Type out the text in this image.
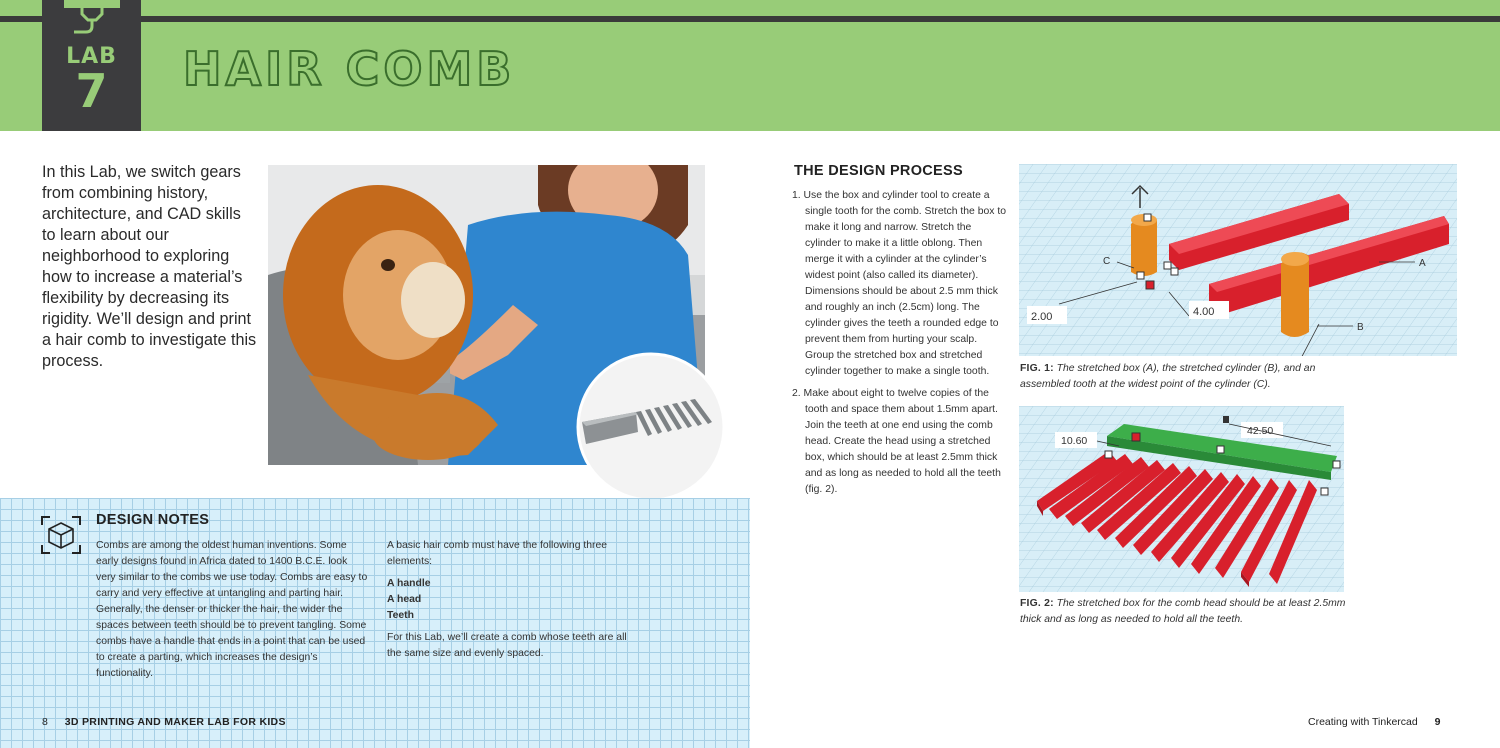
LAB
7	HAIR COMB

In this Lab, we switch gears from combining history, architecture, and CAD skills to learn about our neighborhood to exploring how to increase a material’s flexibility by decreasing its rigidity. We’ll design and print a hair comb to investigate this process.

DESIGN NOTES

Combs are among the oldest human inventions. Some early designs found in Africa dated to 1400 B.C.E. look very similar to the combs we use today. Combs are easy to carry and very effective at untangling and parting hair. Generally, the denser or thicker the hair, the wider the spaces between teeth should be to prevent tangling. Some combs have a handle that ends in a point that can be used to create a parting, which increases the design’s functionality.

A basic hair comb must have the following three elements:

A handle
A head
Teeth

For this Lab, we’ll create a comb whose teeth are all the same size and evenly spaced.

8 3D PRINTING AND MAKER LAB FOR KIDS
THE DESIGN PROCESS
1. Use the box and cylinder tool to create a single tooth for the comb. Stretch the box to make it long and narrow. Stretch the cylinder to make it a little oblong. Then merge it with a cylinder at the cylinder’s widest point (also called its diameter). Dimensions should be about 2.5 mm thick and roughly an inch (2.5cm) long. The cylinder gives the teeth a rounded edge to prevent them from hurting your scalp. Group the stretched box and stretched cylinder together to make a single tooth.
2. Make about eight to twelve copies of the tooth and space them about 1.5mm apart. Join the teeth at one end using the comb head. Create the head using a stretched box, which should be at least 2.5mm thick and as long as needed to hold all the teeth (fig. 2).
2.00	4.00
C	A
B

FIG. 1: The stretched box (A), the stretched cylinder (B), and an assembled tooth at the widest point of the cylinder (C).

10.60
42.50

FIG. 2: The stretched box for the comb head should be at least 2.5mm thick and as long as needed to hold all the teeth.

Creating with Tinkercad 9
